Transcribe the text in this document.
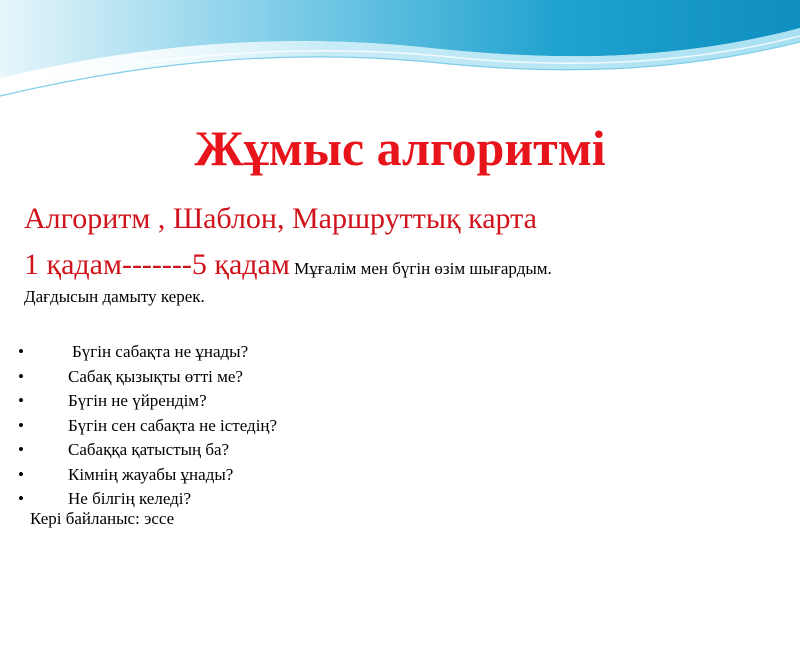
Жұмыс алгоритмі
Алгоритм , Шаблон, Маршруттық карта
1 қадам-------5 қадам Мұғалім мен бүгін өзім шығардым.
Дағдысын дамыту керек.
•	Бүгін сабақта не ұнады?
•	Сабақ қызықты өтті ме?
•	Бүгін не үйрендім?
•	Бүгін сен сабақта не істедің?
•	Сабаққа қатыстың ба?
•	Кімнің жауабы ұнады?
•	Не білгің келеді?
Кері байланыс: эссе
